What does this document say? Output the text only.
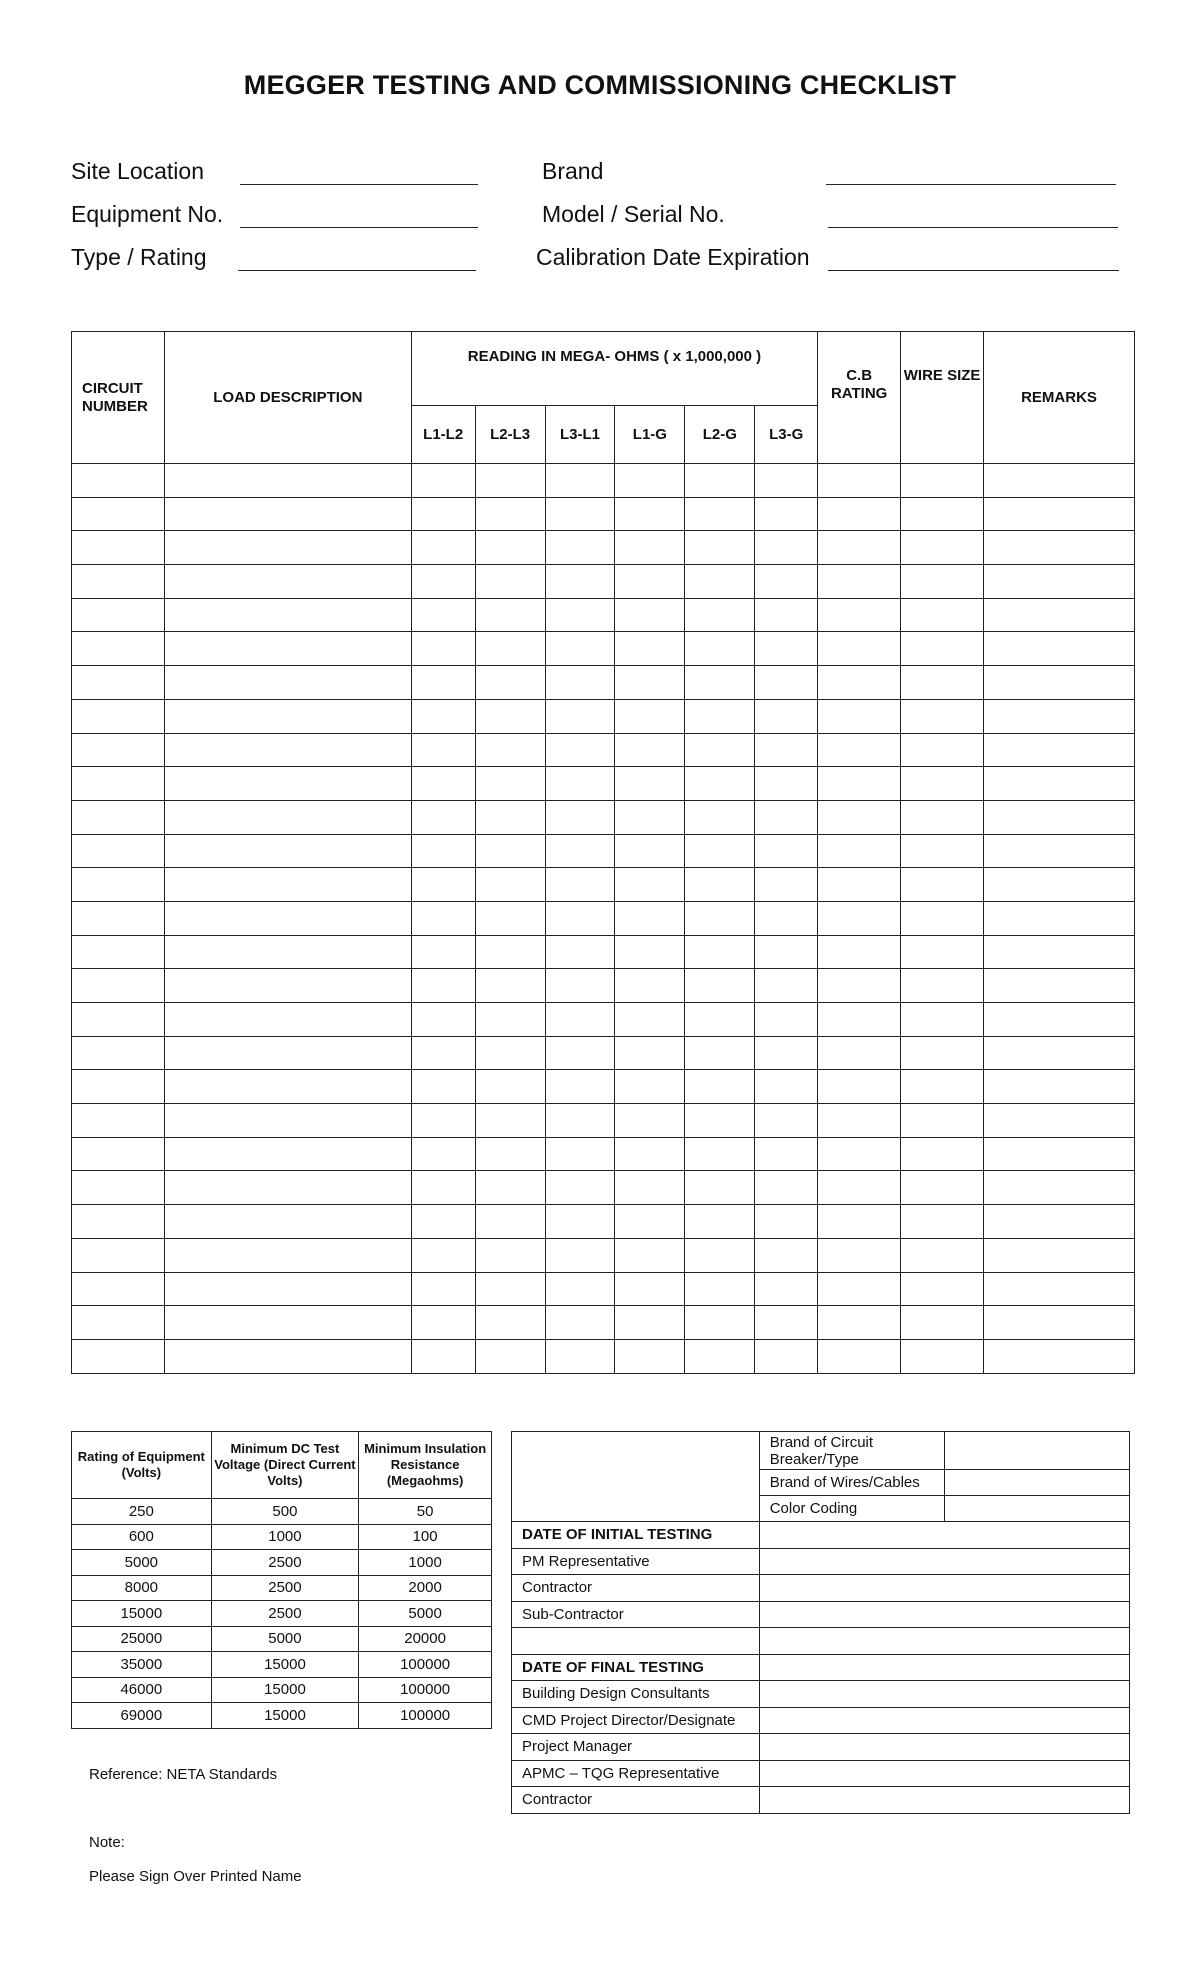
MEGGER TESTING AND COMMISSIONING CHECKLIST
Site Location
Equipment No.
Type / Rating
Brand
Model / Serial No.
Calibration Date Expiration
CIRCUIT NUMBER	LOAD DESCRIPTION	READING IN MEGA- OHMS ( x 1,000,000 )						C.B RATING	WIRE SIZE	REMARKS
		L1-L2	L2-L3	L3-L1	L1-G	L2-G	L3-G			

Rating of Equipment (Volts)	Minimum DC Test Voltage (Direct Current Volts)	Minimum Insulation Resistance (Megaohms)
250	500	50
600	1000	100
5000	2500	1000
8000	2500	2000
15000	2500	5000
25000	5000	20000
35000	15000	100000
46000	15000	100000
69000	15000	100000
Reference: NETA Standards
Note:
Please Sign Over Printed Name
	Brand of Circuit Breaker/Type	
	Brand of Wires/Cables	
	Color Coding	
DATE OF INITIAL TESTING		
PM Representative		
Contractor		
Sub-Contractor		

DATE OF FINAL TESTING		
Building Design Consultants		
CMD Project Director/Designate		
Project Manager		
APMC – TQG Representative		
Contractor		
